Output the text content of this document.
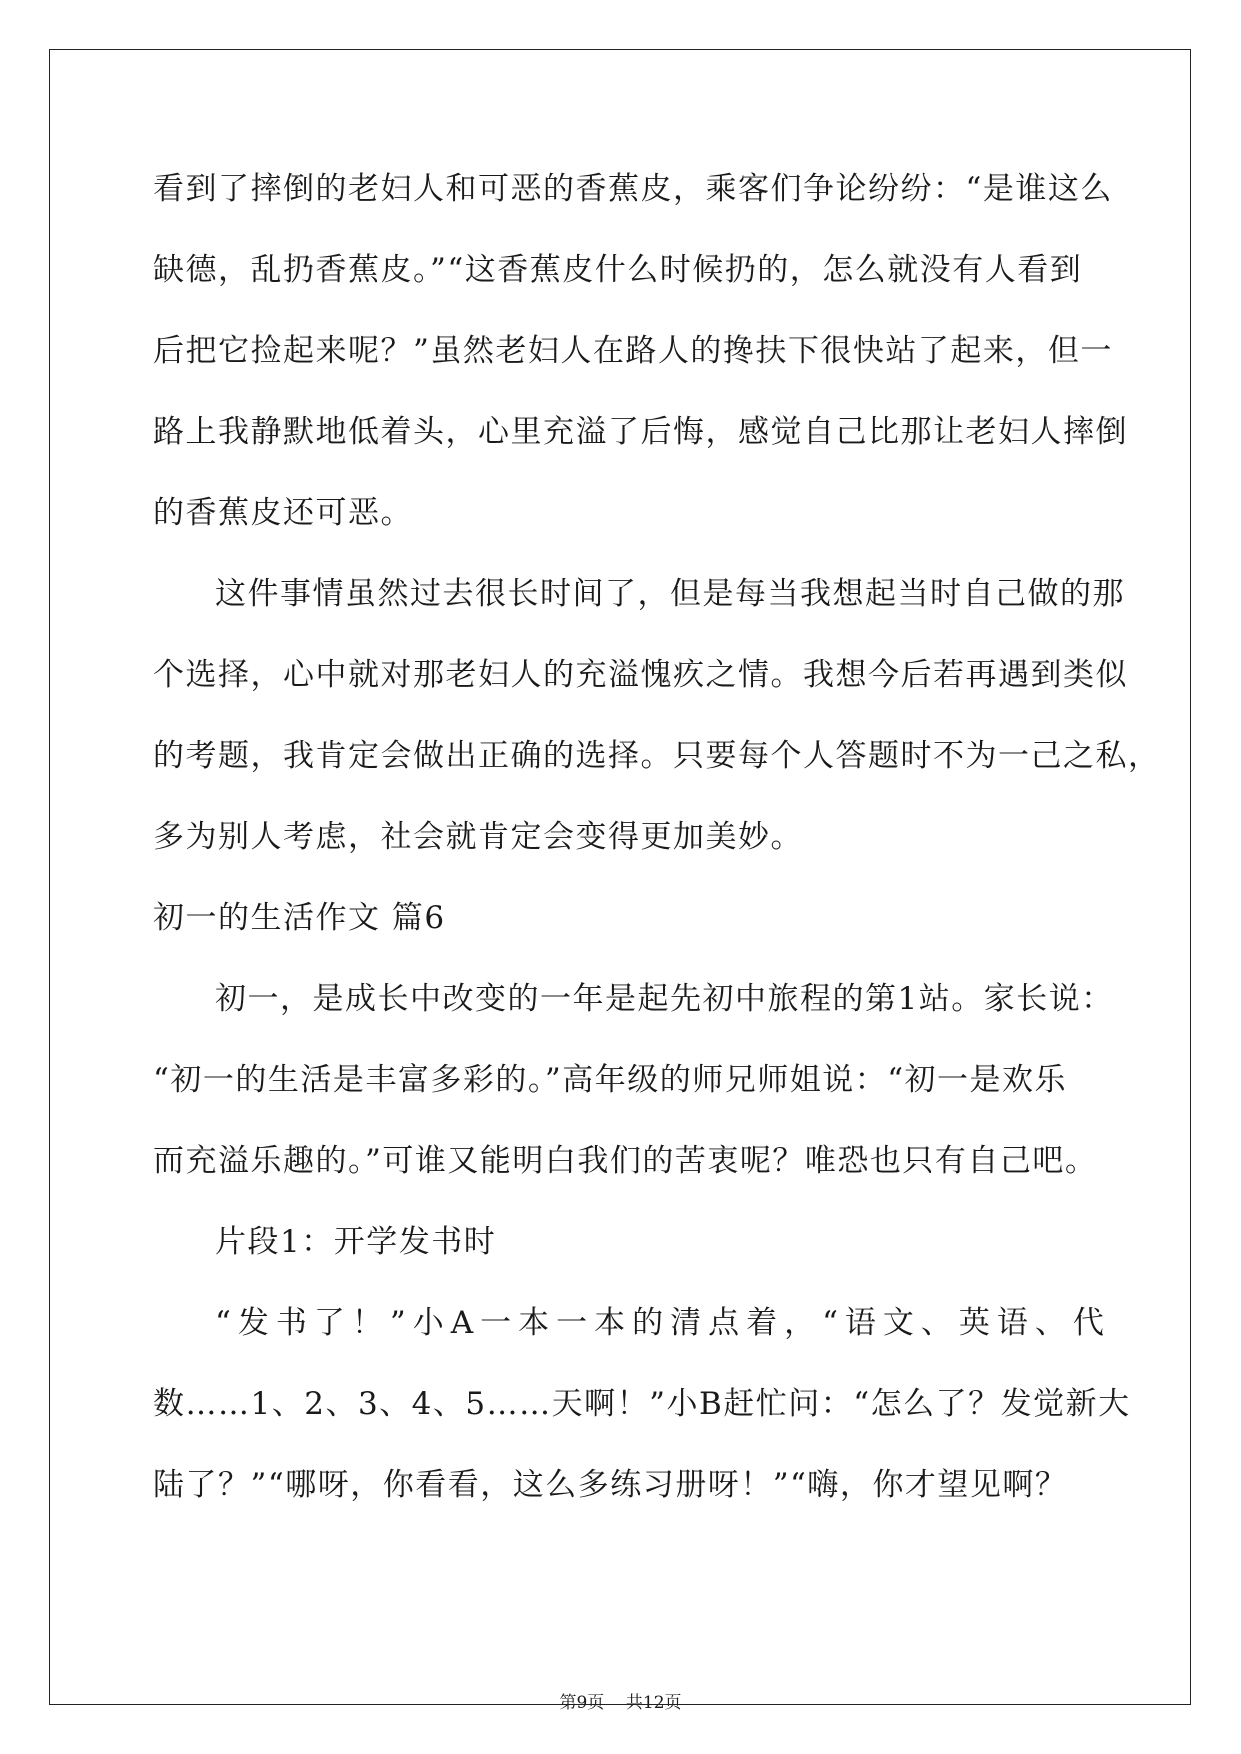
看到了摔倒的老妇人和可恶的香蕉皮，乘客们争论纷纷：“是谁这么
缺德，乱扔香蕉皮。”“这香蕉皮什么时候扔的，怎么就没有人看到
后把它捡起来呢？”虽然老妇人在路人的搀扶下很快站了起来，但一
路上我静默地低着头，心里充溢了后悔，感觉自己比那让老妇人摔倒
的香蕉皮还可恶。
这件事情虽然过去很长时间了，但是每当我想起当时自己做的那
个选择，心中就对那老妇人的充溢愧疚之情。我想今后若再遇到类似
的考题，我肯定会做出正确的选择。只要每个人答题时不为一己之私，
多为别人考虑，社会就肯定会变得更加美妙。
初一的生活作文 篇6
初一，是成长中改变的一年是起先初中旅程的第1站。家长说：
“初一的生活是丰富多彩的。”高年级的师兄师姐说：“初一是欢乐
而充溢乐趣的。”可谁又能明白我们的苦衷呢？唯恐也只有自己吧。
片段1：开学发书时
“发书了！”小A一本一本的清点着，“语文、英语、代
数……1、2、3、4、5……天啊！”小B赶忙问：“怎么了？发觉新大
陆了？”“哪呀，你看看，这么多练习册呀！”“嗨，你才望见啊？
第9页    共12页
